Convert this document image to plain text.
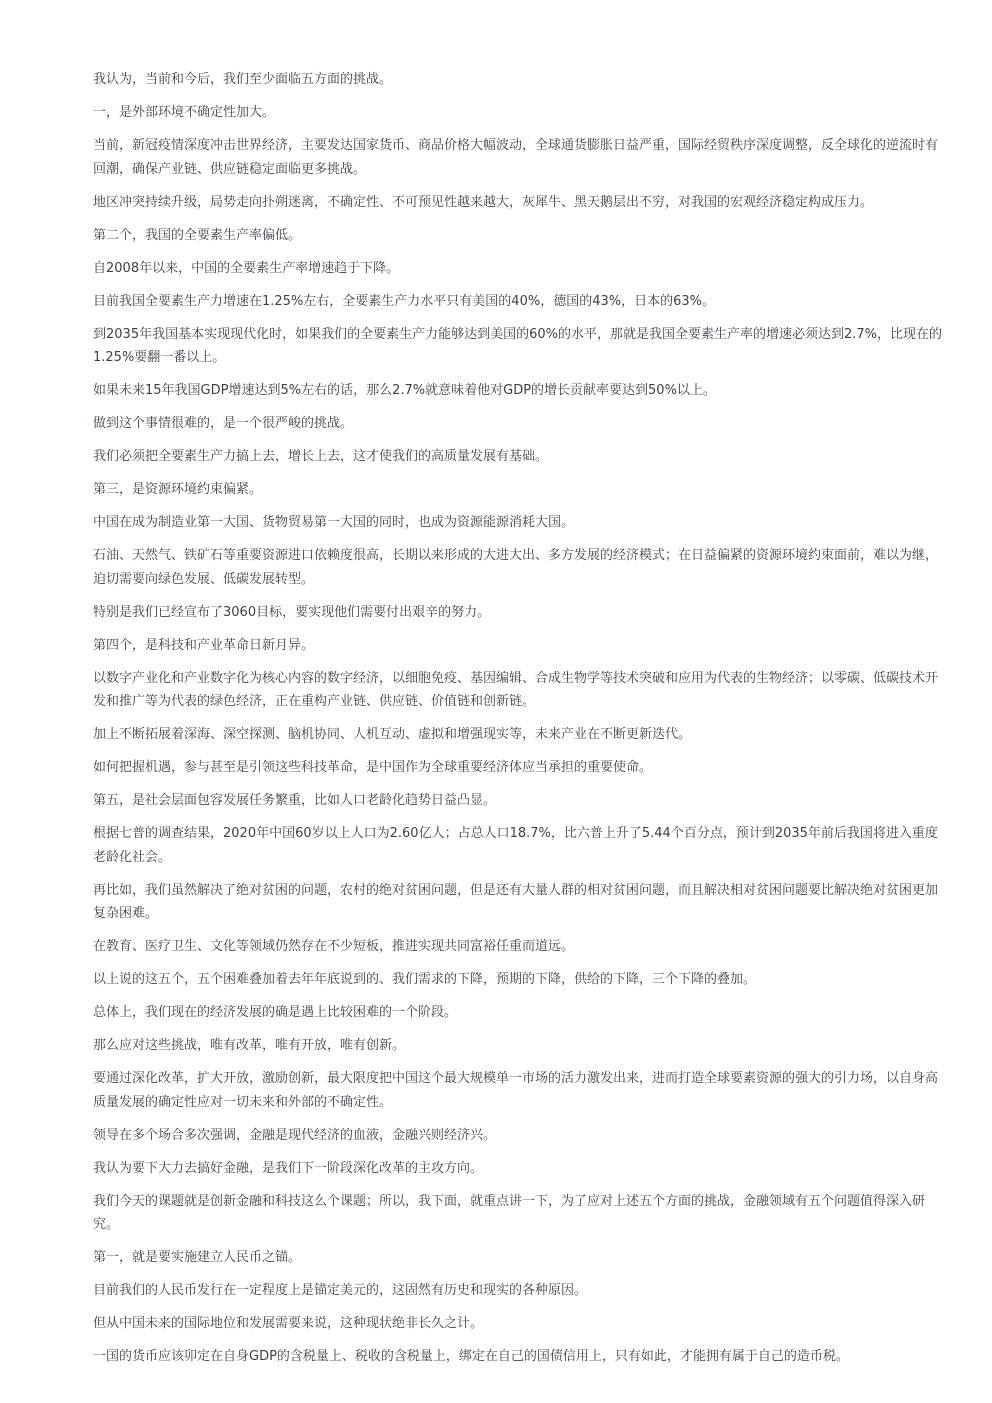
我认为，当前和今后，我们至少面临五方面的挑战。

一，是外部环境不确定性加大。

当前，新冠疫情深度冲击世界经济，主要发达国家货币、商品价格大幅波动，全球通货膨胀日益严重，国际经贸秩序深度调整，反全球化的逆流时有回潮，确保产业链、供应链稳定面临更多挑战。

地区冲突持续升级，局势走向扑朔迷离，不确定性、不可预见性越来越大，灰犀牛、黑天鹅层出不穷，对我国的宏观经济稳定构成压力。

第二个，我国的全要素生产率偏低。

自2008年以来，中国的全要素生产率增速趋于下降。

目前我国全要素生产力增速在1.25%左右，全要素生产力水平只有美国的40%，德国的43%，日本的63%。

到2035年我国基本实现现代化时，如果我们的全要素生产力能够达到美国的60%的水平，那就是我国全要素生产率的增速必须达到2.7%，比现在的1.25%要翻一番以上。

如果未来15年我国GDP增速达到5%左右的话，那么2.7%就意味着他对GDP的增长贡献率要达到50%以上。

做到这个事情很难的，是一个很严峻的挑战。

我们必须把全要素生产力搞上去，增长上去，这才使我们的高质量发展有基础。

第三，是资源环境约束偏紧。

中国在成为制造业第一大国、货物贸易第一大国的同时，也成为资源能源消耗大国。

石油、天然气、铁矿石等重要资源进口依赖度很高，长期以来形成的大进大出、多方发展的经济模式；在日益偏紧的资源环境约束面前，难以为继，迫切需要向绿色发展、低碳发展转型。

特别是我们已经宣布了3060目标，要实现他们需要付出艰辛的努力。

第四个，是科技和产业革命日新月异。

以数字产业化和产业数字化为核心内容的数字经济，以细胞免疫、基因编辑、合成生物学等技术突破和应用为代表的生物经济；以零碳、低碳技术开发和推广等为代表的绿色经济，正在重构产业链、供应链、价值链和创新链。

加上不断拓展着深海、深空探测、脑机协同、人机互动、虚拟和增强现实等，未来产业在不断更新迭代。

如何把握机遇，参与甚至是引领这些科技革命，是中国作为全球重要经济体应当承担的重要使命。

第五，是社会层面包容发展任务繁重，比如人口老龄化趋势日益凸显。

根据七普的调查结果，2020年中国60岁以上人口为2.60亿人；占总人口18.7%，比六普上升了5.44个百分点，预计到2035年前后我国将进入重度老龄化社会。

再比如，我们虽然解决了绝对贫困的问题，农村的绝对贫困问题，但是还有大量人群的相对贫困问题，而且解决相对贫困问题要比解决绝对贫困更加复杂困难。

在教育、医疗卫生、文化等领域仍然存在不少短板，推进实现共同富裕任重而道远。

以上说的这五个，五个困难叠加着去年年底说到的、我们需求的下降，预期的下降，供给的下降，三个下降的叠加。

总体上，我们现在的经济发展的确是遇上比较困难的一个阶段。

那么应对这些挑战，唯有改革，唯有开放，唯有创新。

要通过深化改革，扩大开放，激励创新，最大限度把中国这个最大规模单一市场的活力激发出来，进而打造全球要素资源的强大的引力场，以自身高质量发展的确定性应对一切未来和外部的不确定性。

领导在多个场合多次强调，金融是现代经济的血液，金融兴则经济兴。

我认为要下大力去搞好金融，是我们下一阶段深化改革的主攻方向。

我们今天的课题就是创新金融和科技这么个课题；所以，我下面，就重点讲一下，为了应对上述五个方面的挑战，金融领域有五个问题值得深入研究。

第一，就是要实施建立人民币之锚。

目前我们的人民币发行在一定程度上是锚定美元的，这固然有历史和现实的各种原因。

但从中国未来的国际地位和发展需要来说，这种现状绝非长久之计。

一国的货币应该卯定在自身GDP的含税量上、税收的含税量上，绑定在自己的国债信用上，只有如此，才能拥有属于自己的造币税。
